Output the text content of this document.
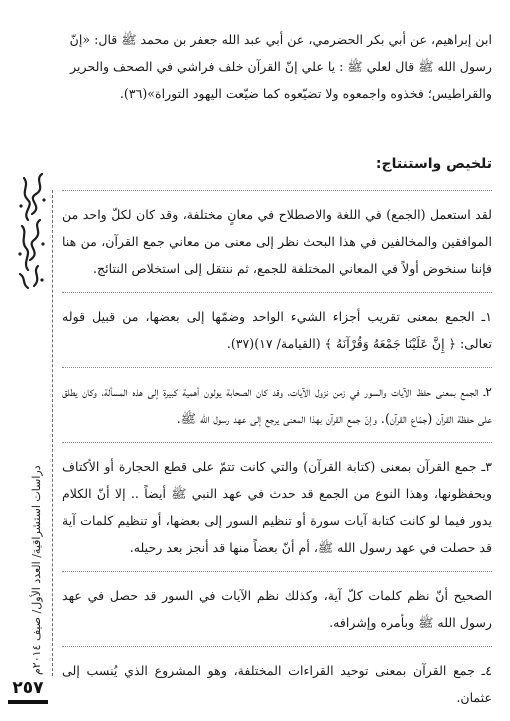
ابن إبراهيم، عن أبي بكر الحضرمي، عن أبي عبد الله جعفر بن محمد ﷺ قال: «إنّ

رسول الله ﷺ قال لعلي ﷺ : يا علي إنّ القرآن خلف فراشي في الصحف والحرير

والقراطيس؛ فخذوه واجمعوه ولا تضيّعوه كما ضيّعت اليهود التوراة»(٣٦).

تلخيص واستنتاج:

لقد استعمل (الجمع) في اللغة والاصطلاح في معانٍ مختلفة، وقد كان لكلّ واحد من الموافقين والمخالفين في هذا البحث نظر إلى معنى من معاني جمع القرآن، من هنا فإننا سنخوض أولاً في المعاني المختلفة للجمع، ثم ننتقل إلى استخلاص النتائج.

١ـ الجمع بمعنى تقريب أجزاء الشيء الواحد وضمّها إلى بعضها، من قبيل قوله تعالى: ﴿ إِنَّ عَلَيْنَا جَمْعَهُ وَقُرْآنَهُ ﴾ (القيامة/ ١٧)(٣٧).

٢ـ الجمع بمعنى حفظ الآيات والسور في زمن نزول الآيات، وقد كان الصحابة يولون أهمية كبيرة إلى هذه المسألة، وكان يطلق على حفظة القرآن (جمّاع القرآن). وإنّ جمع القرآن بهذا المعنى يرجع إلى عهد رسول الله ﷺ.

٣ـ جمع القرآن بمعنى (كتابة القرآن) والتي كانت تتمّ على قطع الحجارة أو الأكتاف ويحفظونها، وهذا النوع من الجمع قد حدث في عهد النبي ﷺ أيضاً .. إلا أنّ الكلام يدور فيما لو كانت كتابة آيات سورة أو تنظيم السور إلى بعضها، أو تنظيم كلمات آية قد حصلت في عهد رسول الله ﷺ، أم أنّ بعضاً منها قد أنجز بعد رحيله.

الصحيح أنّ نظم كلمات كلّ آية، وكذلك نظم الآيات في السور قد حصل في عهد رسول الله ﷺ وبأمره وإشرافه.

٤ـ جمع القرآن بمعنى توحيد القراءات المختلفة، وهو المشروع الذي يُنسب إلى عثمان.

دراسات استشراقية/ العدد الأول/ صيف ٢٠١٤م
٢٥٧
